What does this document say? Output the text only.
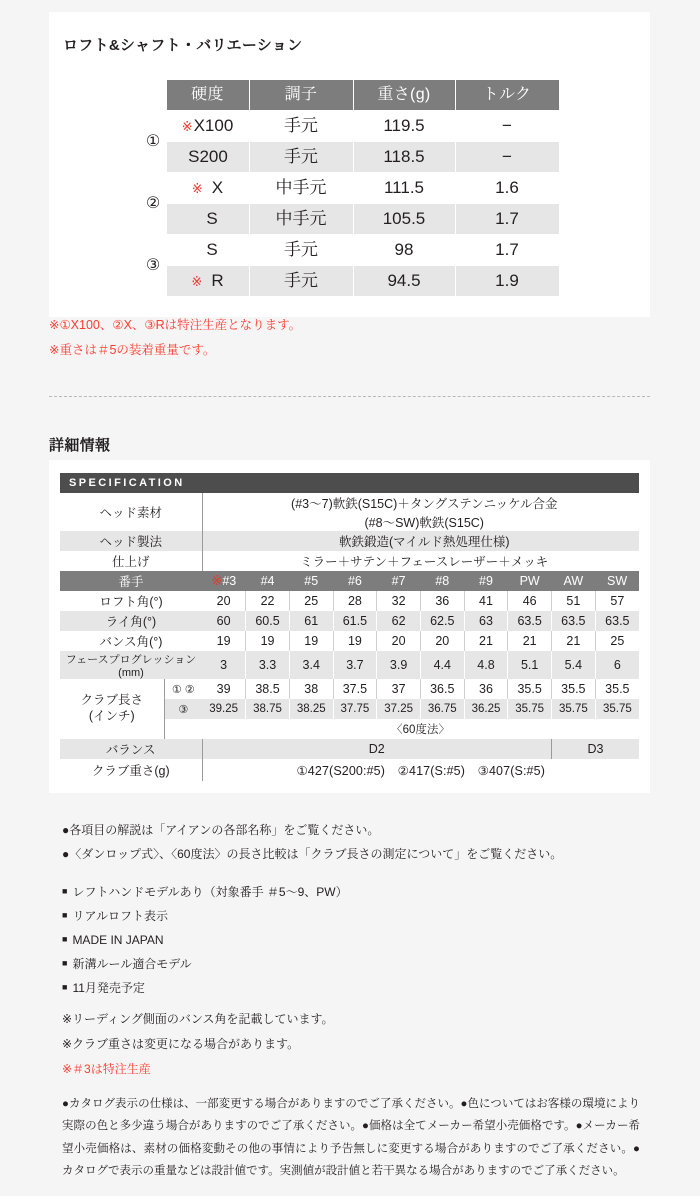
ロフト&シャフト・バリエーション
	硬度	調子	重さ(g)	トルク
①	※ X100	手元	119.5	−

	S200	手元	118.5	−
②	※ X	中手元	111.5	1.6

	S	中手元	105.5	1.7
③	S	手元	98	1.7

	※ R	手元	94.5	1.9

※①X100、②X、③Rは特注生産となります。

※重さは＃5の装着重量です。

詳細情報
SPECIFICATION
ヘッド素材		(#3〜7)軟鉄(S15C)＋タングステンニッケル合金									
		(#8〜SW)軟鉄(S15C)									
ヘッド製法		軟鉄鍛造(マイルド熱処理仕様)									
仕上げ		ミラー＋サテン＋フェースレーザー＋メッキ									
番手		※#3	#4	#5	#6	#7	#8	#9	PW	AW	SW
ロフト角(°)		20	22	25	28	32	36	41	46	51	57
ライ角(°)		60	60.5	61	61.5	62	62.5	63	63.5	63.5	63.5
バンス角(°)		19	19	19	19	20	20	21	21	21	25
フェースプログレッション(mm)		3	3.3	3.4	3.7	3.9	4.4	4.8	5.1	5.4	6

クラブ長さ
(インチ)	① ②	39	38.5	38	37.5	37	36.5	36	35.5	35.5	35.5
	③	39.25	38.75	38.25	37.75	37.25	36.75	36.25	35.75	35.75	35.75
		〈60度法〉									
バランス		D2								D3	
クラブ重さ(g)		①427(S200:#5)　②417(S:#5)　③407(S:#5)									
●各項目の解説は「アイアンの各部名称」をご覧ください。
●〈ダンロップ式〉、〈60度法〉の長さ比較は「クラブ長さの測定について」をご覧ください。
■ レフトハンドモデルあり（対象番手 ＃5〜9、PW）
■ リアルロフト表示
■ MADE IN JAPAN
■ 新溝ルール適合モデル
■ 11月発売予定
※リーディング側面のバンス角を記載しています。
※クラブ重さは変更になる場合があります。
※＃3は特注生産
●カタログ表示の仕様は、一部変更する場合がありますのでご了承ください。●色についてはお客様の環境により実際の色と多少違う場合がありますのでご了承ください。●価格は全てメーカー希望小売価格です。●メーカー希望小売価格は、素材の価格変動その他の事情により予告無しに変更する場合がありますのでご了承ください。●カタログで表示の重量などは設計値です。実測値が設計値と若干異なる場合がありますのでご了承ください。
